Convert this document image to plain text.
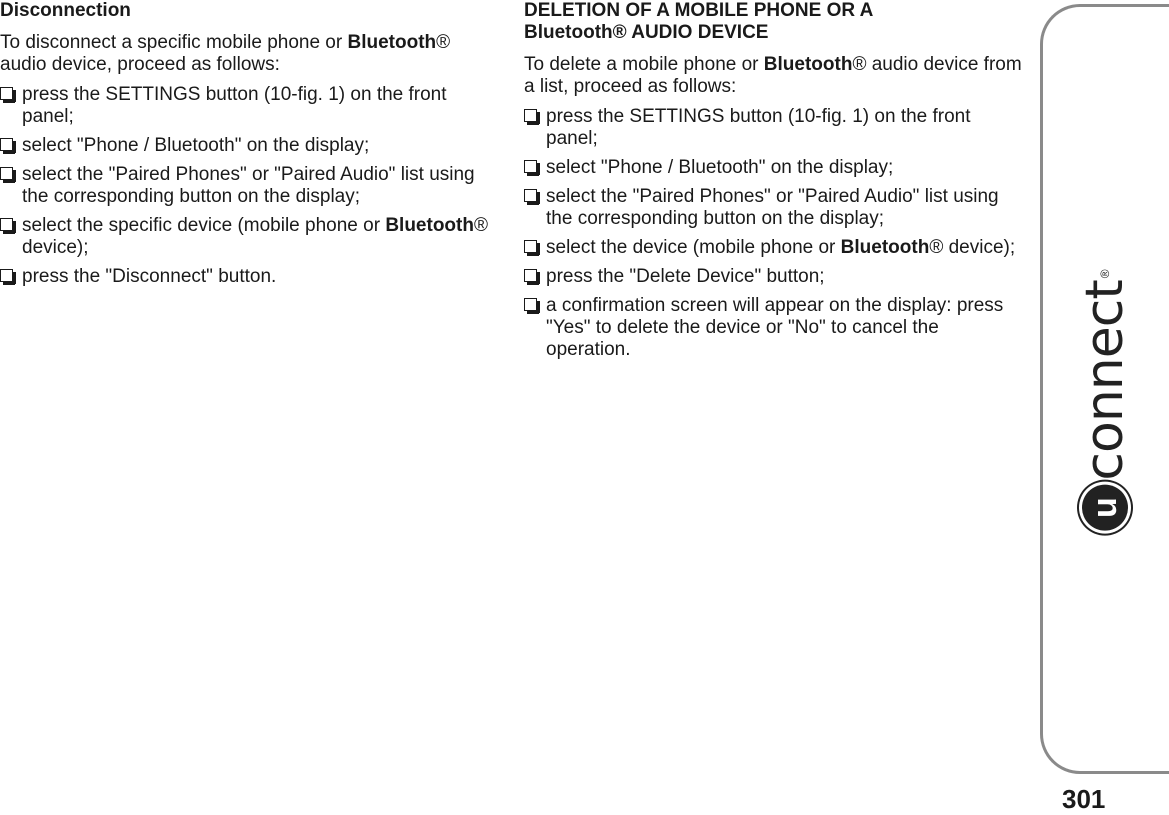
Disconnection

To disconnect a specific mobile phone or Bluetooth® audio device, proceed as follows:

press the SETTINGS button (10-fig. 1) on the front panel;
select "Phone / Bluetooth" on the display;
select the "Paired Phones" or "Paired Audio" list using the corresponding button on the display;
select the specific device (mobile phone or Bluetooth® device);
press the "Disconnect" button.
DELETION OF A MOBILE PHONE OR A
Bluetooth® AUDIO DEVICE

To delete a mobile phone or Bluetooth® audio device from a list, proceed as follows:

press the SETTINGS button (10-fig. 1) on the front panel;
select "Phone / Bluetooth" on the display;
select the "Paired Phones" or "Paired Audio" list using the corresponding button on the display;
select the device (mobile phone or Bluetooth® device);
press the "Delete Device" button;
a confirmation screen will appear on the display: press "Yes" to delete the device or "No" to cancel the operation.
u
connect
®
301
